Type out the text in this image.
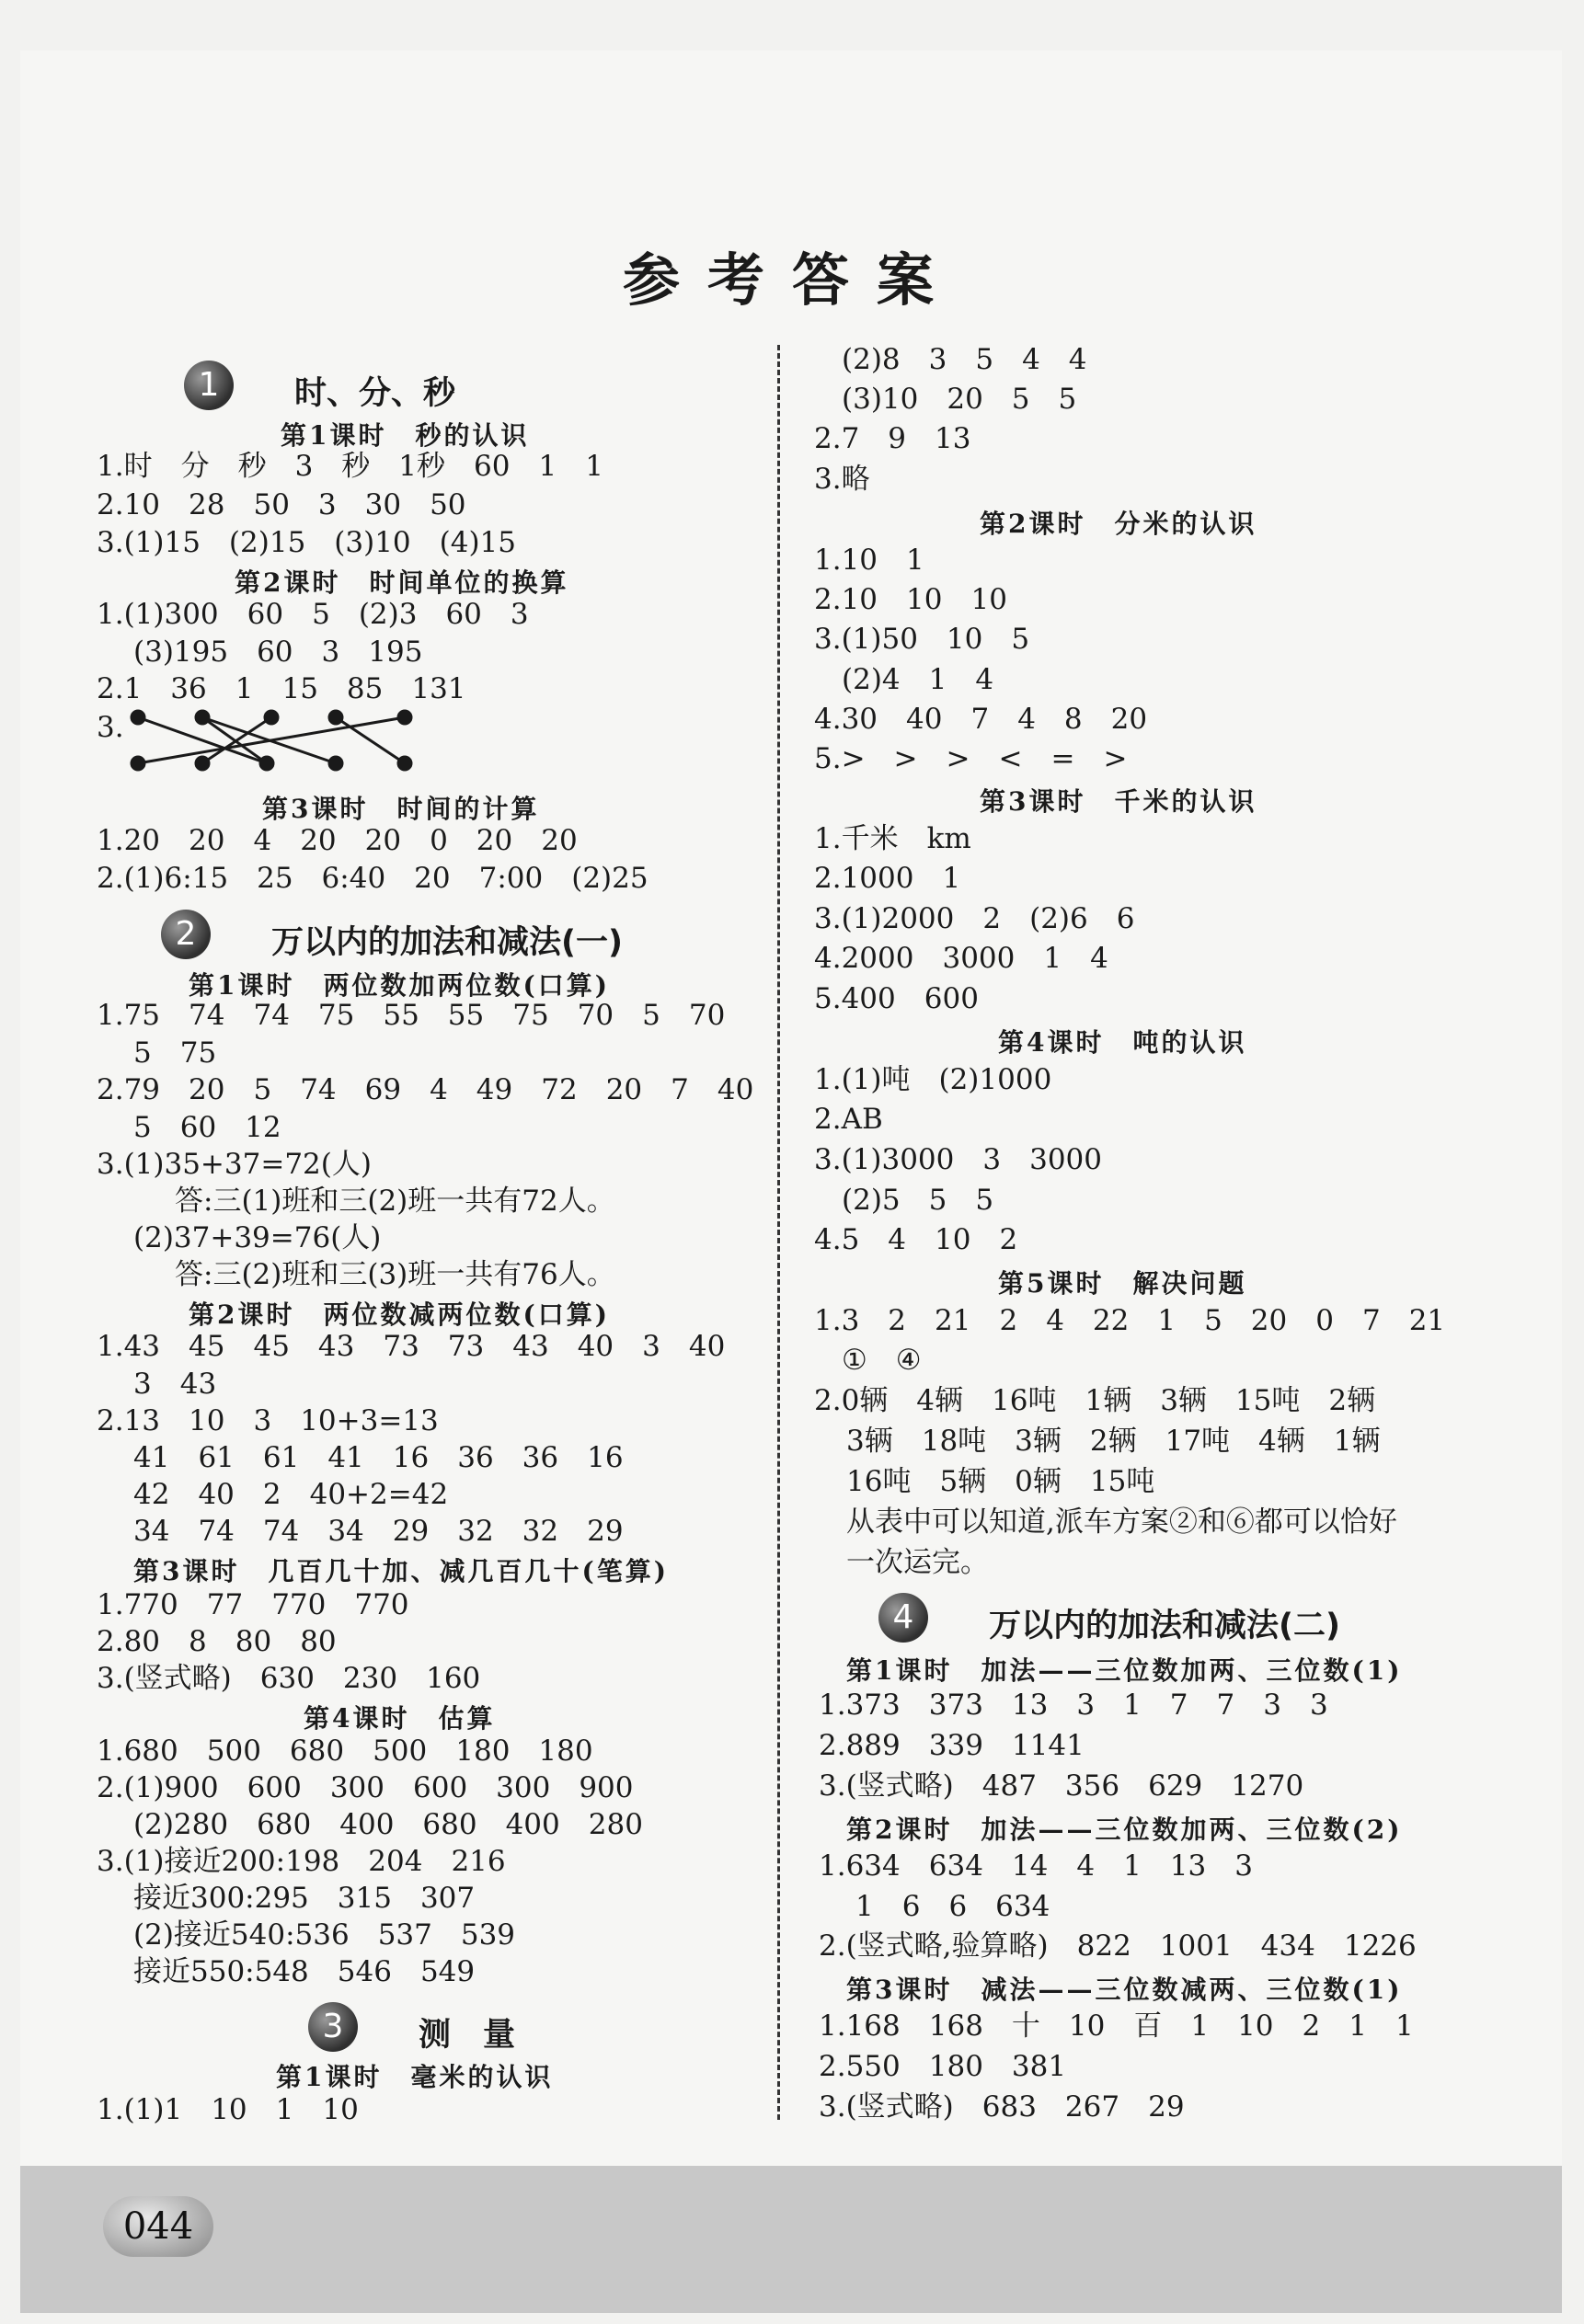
参考答案
1	时、分、秒
第1课时　秒的认识
1.时　分　秒　3　秒　1秒　60　1　1
2.10　28　50　3　30　50
3.(1)15　(2)15　(3)10　(4)15
第2课时　时间单位的换算
1.(1)300　60　5　(2)3　60　3
(3)195　60　3　195
2.1　36　1　15　85　131
3.
第3课时　时间的计算
1.20　20　4　20　20　0　20　20
2.(1)6:15　25　6:40　20　7:00　(2)25
2	万以内的加法和减法(一)
第1课时　两位数加两位数(口算)
1.75　74　74　75　55　55　75　70　5　70
5　75
2.79　20　5　74　69　4　49　72　20　7　40
5　60　12
3.(1)35+37=72(人)
答:三(1)班和三(2)班一共有72人。
(2)37+39=76(人)
答:三(2)班和三(3)班一共有76人。
第2课时　两位数减两位数(口算)
1.43　45　45　43　73　73　43　40　3　40
3　43
2.13　10　3　10+3=13
41　61　61　41　16　36　36　16
42　40　2　40+2=42
34　74　74　34　29　32　32　29
第3课时　几百几十加、减几百几十(笔算)
1.770　77　770　770
2.80　8　80　80
3.(竖式略)　630　230　160
第4课时　估算
1.680　500　680　500　180　180
2.(1)900　600　300　600　300　900
(2)280　680　400　680　400　280
3.(1)接近200:198　204　216
接近300:295　315　307
(2)接近540:536　537　539
接近550:548　546　549
3	测　量
第1课时　毫米的认识
1.(1)1　10　1　10
(2)8　3　5　4　4
(3)10　20　5　5
2.7　9　13
3.略
第2课时　分米的认识
1.10　1
2.10　10　10
3.(1)50　10　5
(2)4　1　4
4.30　40　7　4　8　20
5.>　>　>　<　=　>
第3课时　千米的认识
1.千米　km
2.1000　1
3.(1)2000　2　(2)6　6
4.2000　3000　1　4
5.400　600
第4课时　吨的认识
1.(1)吨　(2)1000
2.AB
3.(1)3000　3　3000
(2)5　5　5
4.5　4　10　2
第5课时　解决问题
1.3　2　21　2　4　22　1　5　20　0　7　21
①　④
2.0辆　4辆　16吨　1辆　3辆　15吨　2辆
3辆　18吨　3辆　2辆　17吨　4辆　1辆
16吨　5辆　0辆　15吨
从表中可以知道,派车方案②和⑥都可以恰好
一次运完。
4	万以内的加法和减法(二)
第1课时　加法——三位数加两、三位数(1)
1.373　373　13　3　1　7　7　3　3
2.889　339　1141
3.(竖式略)　487　356　629　1270
第2课时　加法——三位数加两、三位数(2)
1.634　634　14　4　1　13　3
1　6　6　634
2.(竖式略,验算略)　822　1001　434　1226
第3课时　减法——三位数减两、三位数(1)
1.168　168　十　10　百　1　10　2　1　1
2.550　180　381
3.(竖式略)　683　267　29
044
